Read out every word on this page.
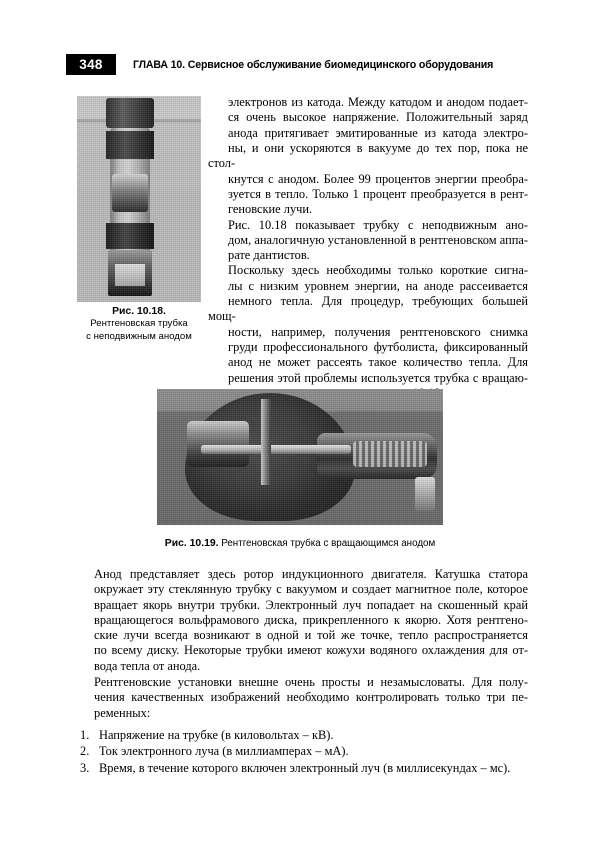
348	ГЛАВА 10. Сервисное обслуживание биомедицинского оборудования
Рис. 10.18.
Рентгеновская трубка
с неподвижным анодом

электронов из катода. Между катодом и анодом подает-
ся очень высокое напряжение. Положительный заряд
анода притягивает эмитированные из катода электро-
ны, и они ускоряются в вакууме до тех пор, пока не стол-
кнутся с анодом. Более 99 процентов энергии преобра-
зуется в тепло. Только 1 процент преобразуется в рент-
геновские лучи.

Рис. 10.18 показывает трубку с неподвижным ано-
дом, аналогичную установленной в рентгеновском аппа-
рате дантистов.

Поскольку здесь необходимы только короткие сигна-
лы с низким уровнем энергии, на аноде рассеивается
немного тепла. Для процедур, требующих большей мощ-
ности, например, получения рентгеновского снимка
груди профессионального футболиста, фиксированный
анод не может рассеять такое количество тепла. Для
решения этой проблемы используется трубка с вращаю-

Рис. 10.19. Рентгеновская трубка с вращающимся анодом

Анод представляет здесь ротор индукционного двигателя. Катушка статора
окружает эту стеклянную трубку с вакуумом и создает магнитное поле, которое
вращает якорь внутри трубки. Электронный луч попадает на скошенный край
вращающегося вольфрамового диска, прикрепленного к якорю. Хотя рентгено-
ские лучи всегда возникают в одной и той же точке, тепло распространяется
по всему диску. Некоторые трубки имеют кожухи водяного охлаждения для от-
вода тепла от анода.

Рентгеновские установки внешне очень просты и незамысловаты. Для полу-
чения качественных изображений необходимо контролировать только три пе-
ременных:

1. Напряжение на трубке (в киловольтах – кВ).
2. Ток электронного луча (в миллиамперах – мА).
3. Время, в течение которого включен электронный луч (в миллисекундах – мс).
